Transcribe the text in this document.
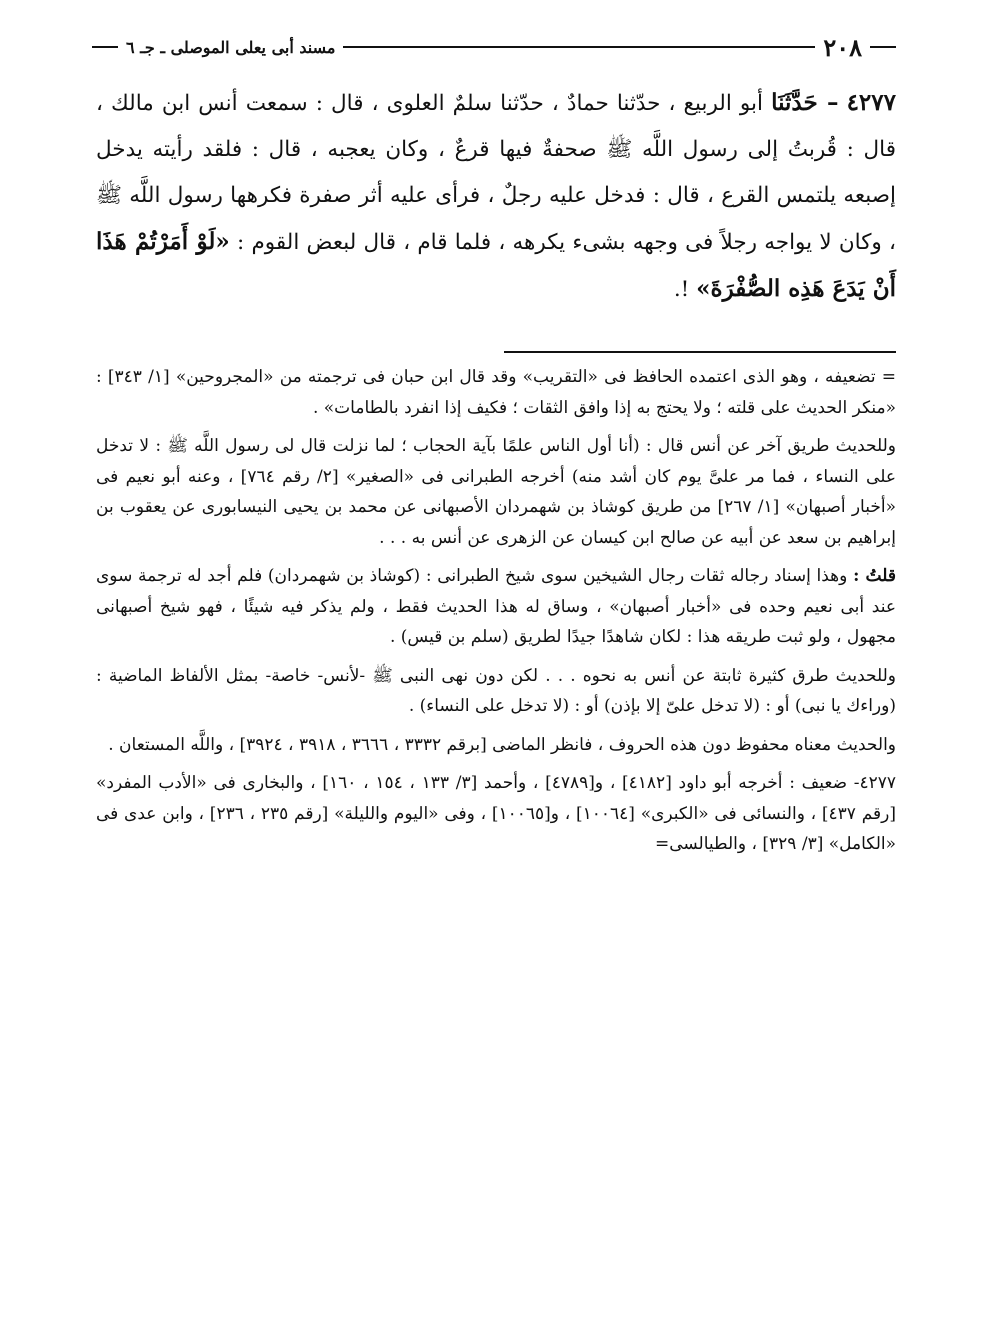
٢٠٨
مسند أبى يعلى الموصلى ـ جـ ٦
٤٢٧٧ – حَدَّثَنَا أبو الربيع ، حدّثنا حمادٌ ، حدّثنا سلمٌ العلوى ، قال : سمعت أنس ابن مالك ، قال : قُربتُ إلى رسول اللَّه ﷺ صحفةٌ فيها قرعٌ ، وكان يعجبه ، قال : فلقد رأيته يدخل إصبعه يلتمس القرع ، قال : فدخل عليه رجلٌ ، فرأى عليه أثر صفرة فكرهها رسول اللَّه ﷺ ، وكان لا يواجه رجلاً فى وجهه بشىء يكرهه ، فلما قام ، قال لبعض القوم : «لَوْ أَمَرْتُمْ هَذَا أَنْ يَدَعَ هَذِه الصُّفْرَةَ» !.

= تضعيفه ، وهو الذى اعتمده الحافظ فى «التقريب» وقد قال ابن حبان فى ترجمته من «المجروحين» [١/ ٣٤٣] : «منكر الحديث على قلته ؛ ولا يحتج به إذا وافق الثقات ؛ فكيف إذا انفرد بالطامات» .

وللحديث طريق آخر عن أنس قال : (أنا أول الناس علمًا بآية الحجاب ؛ لما نزلت قال لى رسول اللَّه ﷺ : لا تدخل على النساء ، فما مر علىَّ يوم كان أشد منه) أخرجه الطبرانى فى «الصغير» [٢/ رقم ٧٦٤] ، وعنه أبو نعيم فى «أخبار أصبهان» [١/ ٢٦٧] من طريق كوشاذ بن شهمردان الأصبهانى عن محمد بن يحيى النيسابورى عن يعقوب بن إبراهيم بن سعد عن أبيه عن صالح ابن كيسان عن الزهرى عن أنس به . . .

قلتُ : وهذا إسناد رجاله ثقات رجال الشيخين سوى شيخ الطبرانى : (كوشاذ بن شهمردان) فلم أجد له ترجمة سوى عند أبى نعيم وحده فى «أخبار أصبهان» ، وساق له هذا الحديث فقط ، ولم يذكر فيه شيئًا ، فهو شيخ أصبهانى مجهول ، ولو ثبت طريقه هذا : لكان شاهدًا جيدًا لطريق (سلم بن قيس) .

وللحديث طرق كثيرة ثابتة عن أنس به نحوه . . . لكن دون نهى النبى ﷺ -لأنس- خاصة- بمثل الألفاظ الماضية : (وراءك يا نبى) أو : (لا تدخل علىّ إلا بإذن) أو : (لا تدخل على النساء) .

والحديث معناه محفوظ دون هذه الحروف ، فانظر الماضى [برقم ٣٣٣٢ ، ٣٦٦٦ ، ٣٩١٨ ، ٣٩٢٤] ، واللَّه المستعان .

٤٢٧٧- ضعيف : أخرجه أبو داود [٤١٨٢] ، و[٤٧٨٩] ، وأحمد [٣/ ١٣٣ ، ١٥٤ ، ١٦٠] ، والبخارى فى «الأدب المفرد» [رقم ٤٣٧] ، والنسائى فى «الكبرى» [١٠٠٦٤] ، و[١٠٠٦٥] ، وفى «اليوم والليلة» [رقم ٢٣٥ ، ٢٣٦] ، وابن عدى فى «الكامل» [٣/ ٣٢٩] ، والطيالسى=
